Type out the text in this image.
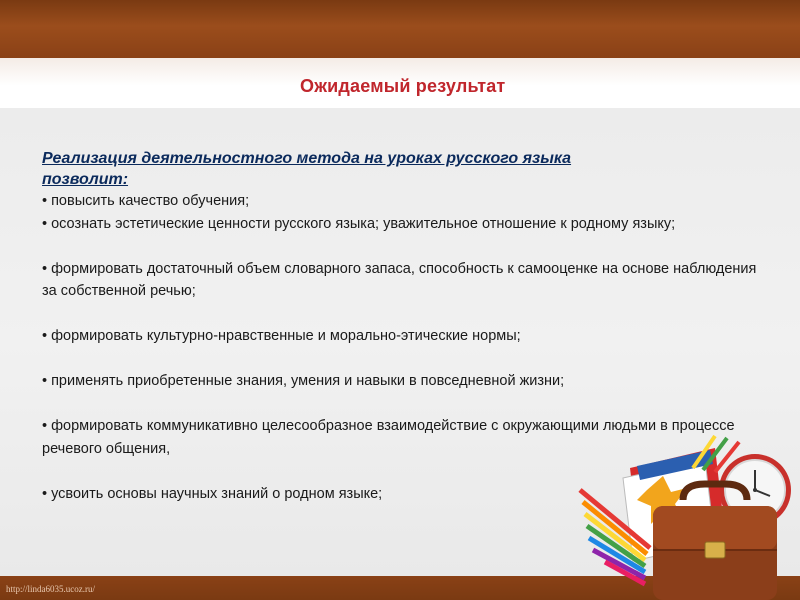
Ожидаемый результат
Реализация деятельностного метода на уроках русского языка
позволит:

• повысить качество обучения;

• осознать эстетические ценности русского языка; уважительное отношение к родному языку;

• формировать достаточный объем словарного запаса, способность к самооценке на основе наблюдения за собственной речью;

• формировать культурно-нравственные и морально-этические нормы;

• применять приобретенные знания, умения и навыки в повседневной жизни;

• формировать коммуникативно целесообразное взаимодействие с окружающими людьми в процессе речевого общения,

• усвоить основы научных знаний о родном языке;

http://linda6035.ucoz.ru/
